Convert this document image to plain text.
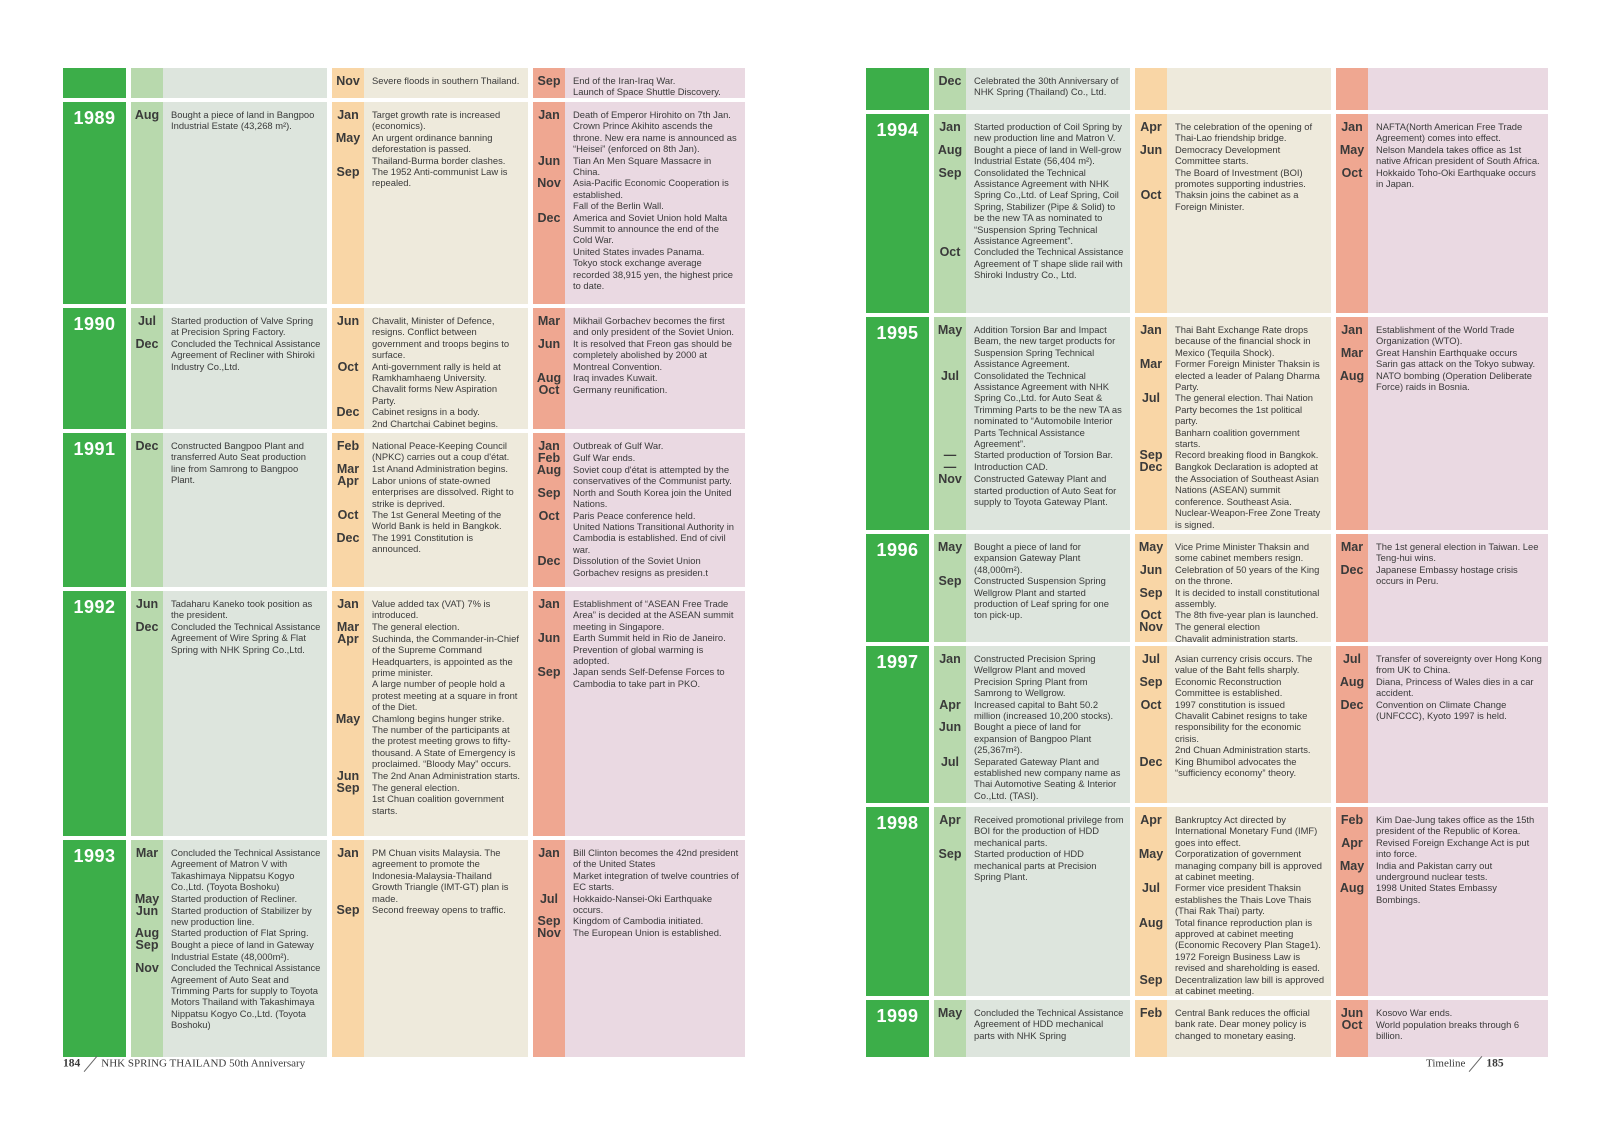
Nov	Severe floods in southern Thailand.	Sep	End of the Iran-Iraq War.
Launch of Space Shuttle Discovery.
1989	Aug	Bought a piece of land in Bangpoo Industrial Estate (43,268 m²).
Jan	Target growth rate is increased (economics).
May	An urgent ordinance banning deforestation is passed.
Thailand-Burma border clashes.
Sep	The 1952 Anti-communist Law is repealed.
Jan	Death of Emperor Hirohito on 7th Jan. Crown Prince Akihito ascends the throne. New era name is announced as “Heisei” (enforced on 8th Jan).
Jun	Tian An Men Square Massacre in China.
Nov	Asia-Pacific Economic Cooperation is established.
Fall of the Berlin Wall.
Dec	America and Soviet Union hold Malta Summit to announce the end of the Cold War.
United States invades Panama.
Tokyo stock exchange average recorded 38,915 yen, the highest price to date.
1990	Jul	Started production of Valve Spring at Precision Spring Factory.
Dec	Concluded the Technical Assistance Agreement of Recliner with Shiroki Industry Co.,Ltd.
Jun	Chavalit, Minister of Defence, resigns. Conflict between government and troops begins to surface.
Oct	Anti-government rally is held at Ramkhamhaeng University.
Chavalit forms New Aspiration Party.
Dec	Cabinet resigns in a body.
2nd Chartchai Cabinet begins.
Mar	Mikhail Gorbachev becomes the first and only president of the Soviet Union.
Jun	It is resolved that Freon gas should be completely abolished by 2000 at Montreal Convention.
Aug	Iraq invades Kuwait.
Oct	Germany reunification.
1991	Dec	Constructed Bangpoo Plant and transferred Auto Seat production line from Samrong to Bangpoo Plant.
Feb	National Peace-Keeping Council (NPKC) carries out a coup d'état.
Mar	1st Anand Administration begins.
Apr	Labor unions of state-owned enterprises are dissolved. Right to strike is deprived.
Oct	The 1st General Meeting of the World Bank is held in Bangkok.
Dec	The 1991 Constitution is announced.
Jan	Outbreak of Gulf War.
Feb	Gulf War ends.
Aug	Soviet coup d'état is attempted by the conservatives of the Communist party.
Sep	North and South Korea join the United Nations.
Oct	Paris Peace conference held.
United Nations Transitional Authority in Cambodia is established. End of civil war.
Dec	Dissolution of the Soviet Union
Gorbachev resigns as presiden.t
1992	Jun	Tadaharu Kaneko took position as the president.
Dec	Concluded the Technical Assistance Agreement of Wire Spring & Flat Spring with NHK Spring Co.,Ltd.
Jan	Value added tax (VAT) 7% is introduced.
Mar	The general election.
Apr	Suchinda, the Commander-in-Chief of the Supreme Command Headquarters, is appointed as the prime minister.
A large number of people hold a protest meeting at a square in front of the Diet.
May	Chamlong begins hunger strike. The number of the participants at the protest meeting grows to fifty-thousand. A State of Emergency is proclaimed. “Bloody May” occurs.
Jun	The 2nd Anan Administration starts.
Sep	The general election.
1st Chuan coalition government starts.
Jan	Establishment of “ASEAN Free Trade Area” is decided at the ASEAN summit meeting in Singapore.
Jun	Earth Summit held in Rio de Janeiro. Prevention of global warming is adopted.
Sep	Japan sends Self-Defense Forces to Cambodia to take part in PKO.
1993	Mar	Concluded the Technical Assistance Agreement of Matron V with Takashimaya Nippatsu Kogyo Co.,Ltd. (Toyota Boshoku)
May	Started production of Recliner.
Jun	Started production of Stabilizer by new production line.
Aug	Started production of Flat Spring.
Sep	Bought a piece of land in Gateway Industrial Estate (48,000m²).
Nov	Concluded the Technical Assistance Agreement of Auto Seat and Trimming Parts for supply to Toyota Motors Thailand with Takashimaya Nippatsu Kogyo Co.,Ltd. (Toyota Boshoku)
Jan	PM Chuan visits Malaysia. The agreement to promote the Indonesia-Malaysia-Thailand Growth Triangle (IMT-GT) plan is made.
Sep	Second freeway opens to traffic.
Jan	Bill Clinton becomes the 42nd president of the United States
Market integration of twelve countries of EC starts.
Jul	Hokkaido-Nansei-Oki Earthquake occurs.
Sep	Kingdom of Cambodia initiated.
Nov	The European Union is established.
Dec	Celebrated the 30th Anniversary of NHK Spring (Thailand) Co., Ltd.
1994	Jan	Started production of Coil Spring by new production line and Matron V.
Aug	Bought a piece of land in Well-grow Industrial Estate (56,404 m²).
Sep	Consolidated the Technical Assistance Agreement with NHK Spring Co.,Ltd. of Leaf Spring, Coil Spring, Stabilizer (Pipe & Solid) to be the new TA as nominated to “Suspension Spring Technical Assistance Agreement”.
Oct	Concluded the Technical Assistance Agreement of T shape slide rail with Shiroki Industry Co., Ltd.
Apr	The celebration of the opening of Thai-Lao friendship bridge.
Jun	Democracy Development Committee starts.
The Board of Investment (BOI) promotes supporting industries.
Oct	Thaksin joins the cabinet as a Foreign Minister.
Jan	NAFTA(North American Free Trade Agreement) comes into effect.
May	Nelson Mandela takes office as 1st native African president of South Africa.
Oct	Hokkaido Toho-Oki Earthquake occurs in Japan.
1995	May	Addition Torsion Bar and Impact Beam, the new target products for Suspension Spring Technical Assistance Agreement.
Jul	Consolidated the Technical Assistance Agreement with NHK Spring Co.,Ltd. for Auto Seat & Trimming Parts to be the new TA as nominated to “Automobile Interior Parts Technical Assistance Agreement”.
—	Started production of Torsion Bar.
—	Introduction CAD.
Nov	Constructed Gateway Plant and started production of Auto Seat for supply to Toyota Gateway Plant.
Jan	Thai Baht Exchange Rate drops because of the financial shock in Mexico (Tequila Shock).
Mar	Former Foreign Minister Thaksin is elected a leader of Palang Dharma Party.
Jul	The general election. Thai Nation Party becomes the 1st political party.
Banharn coalition government starts.
Sep	Record breaking flood in Bangkok.
Dec	Bangkok Declaration is adopted at the Association of Southeast Asian Nations (ASEAN) summit conference. Southeast Asia. Nuclear-Weapon-Free Zone Treaty is signed.
Jan	Establishment of the World Trade Organization (WTO).
Mar	Great Hanshin Earthquake occurs
Sarin gas attack on the Tokyo subway.
Aug	NATO bombing (Operation Deliberate Force) raids in Bosnia.
1996	May	Bought a piece of land for expansion Gateway Plant (48,000m²).
Sep	Constructed Suspension Spring Wellgrow Plant and started production of Leaf spring for one ton pick-up.
May	Vice Prime Minister Thaksin and some cabinet members resign.
Jun	Celebration of 50 years of the King on the throne.
Sep	It is decided to install constitutional assembly.
Oct	The 8th five-year plan is launched.
Nov	The general election
Chavalit administration starts.
Mar	The 1st general election in Taiwan. Lee Teng-hui wins.
Dec	Japanese Embassy hostage crisis occurs in Peru.
1997	Jan	Constructed Precision Spring Wellgrow Plant and moved Precision Spring Plant from Samrong to Wellgrow.
Apr	Increased capital to Baht 50.2 million (increased 10,200 stocks).
Jun	Bought a piece of land for expansion of Bangpoo Plant (25,367m²).
Jul	Separated Gateway Plant and established new company name as Thai Automotive Seating & Interior Co.,Ltd. (TASI).
Jul	Asian currency crisis occurs. The value of the Baht fells sharply.
Sep	Economic Reconstruction Committee is established.
Oct	1997 constitution is issued
Chavalit Cabinet resigns to take responsibility for the economic crisis.
2nd Chuan Administration starts.
Dec	King Bhumibol advocates the “sufficiency economy” theory.
Jul	Transfer of sovereignty over Hong Kong from UK to China.
Aug	Diana, Princess of Wales dies in a car accident.
Dec	Convention on Climate Change (UNFCCC), Kyoto 1997 is held.
1998	Apr	Received promotional privilege from BOI for the production of HDD mechanical parts.
Sep	Started production of HDD mechanical parts at Precision Spring Plant.
Apr	Bankruptcy Act directed by International Monetary Fund (IMF) goes into effect.
May	Corporatization of government managing company bill is approved at cabinet meeting.
Jul	Former vice president Thaksin establishes the Thais Love Thais (Thai Rak Thai) party.
Aug	Total finance reproduction plan is approved at cabinet meeting (Economic Recovery Plan Stage1).
1972 Foreign Business Law is revised and shareholding is eased.
Sep	Decentralization law bill is approved at cabinet meeting.
Feb	Kim Dae-Jung takes office as the 15th president of the Republic of Korea.
Apr	Revised Foreign Exchange Act is put into force.
May	India and Pakistan carry out underground nuclear tests.
Aug	1998 United States Embassy Bombings.
1999	May	Concluded the Technical Assistance Agreement of HDD mechanical parts with NHK Spring
Feb	Central Bank reduces the official bank rate. Dear money policy is changed to monetary easing.
Jun	Kosovo War ends.
Oct	World population breaks through 6 billion.
184 NHK SPRING THAILAND 50th Anniversary	Timeline 185
